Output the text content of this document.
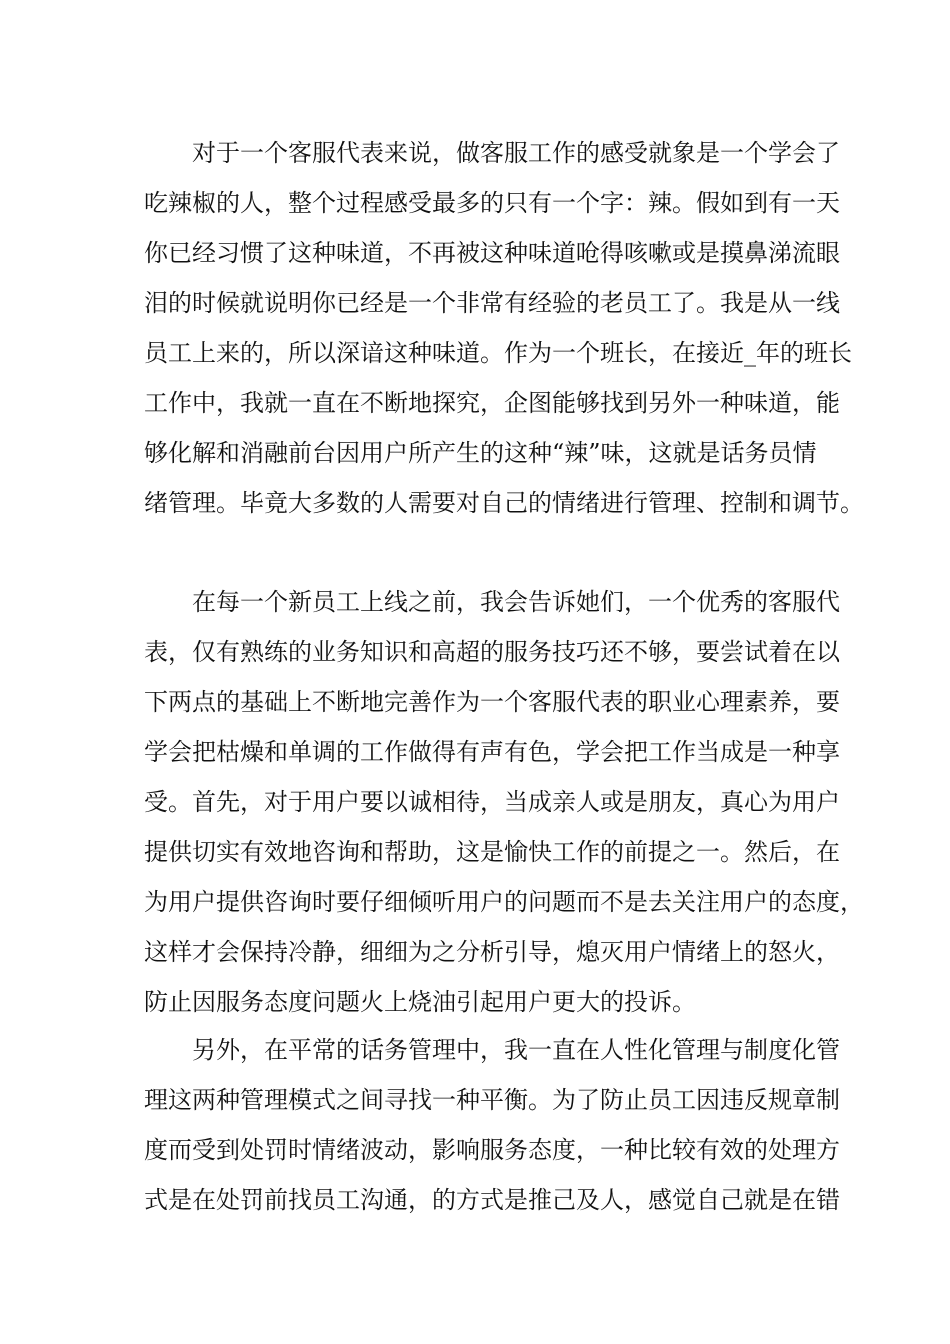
　　对于一个客服代表来说，做客服工作的感受就象是一个学会了
吃辣椒的人，整个过程感受最多的只有一个字：辣。假如到有一天
你已经习惯了这种味道，不再被这种味道呛得咳嗽或是摸鼻涕流眼
泪的时候就说明你已经是一个非常有经验的老员工了。我是从一线
员工上来的，所以深谙这种味道。作为一个班长，在接近_年的班长
工作中，我就一直在不断地探究，企图能够找到另外一种味道，能
够化解和消融前台因用户所产生的这种“辣”味，这就是话务员情
绪管理。毕竟大多数的人需要对自己的情绪进行管理、控制和调节。
　　在每一个新员工上线之前，我会告诉她们，一个优秀的客服代
表，仅有熟练的业务知识和高超的服务技巧还不够，要尝试着在以
下两点的基础上不断地完善作为一个客服代表的职业心理素养，要
学会把枯燥和单调的工作做得有声有色，学会把工作当成是一种享
受。首先，对于用户要以诚相待，当成亲人或是朋友，真心为用户
提供切实有效地咨询和帮助，这是愉快工作的前提之一。然后，在
为用户提供咨询时要仔细倾听用户的问题而不是去关注用户的态度，
这样才会保持冷静，细细为之分析引导，熄灭用户情绪上的怒火，
防止因服务态度问题火上烧油引起用户更大的投诉。
　　另外，在平常的话务管理中，我一直在人性化管理与制度化管
理这两种管理模式之间寻找一种平衡。为了防止员工因违反规章制
度而受到处罚时情绪波动，影响服务态度，一种比较有效的处理方
式是在处罚前找员工沟通，的方式是推己及人，感觉自己就是在错
